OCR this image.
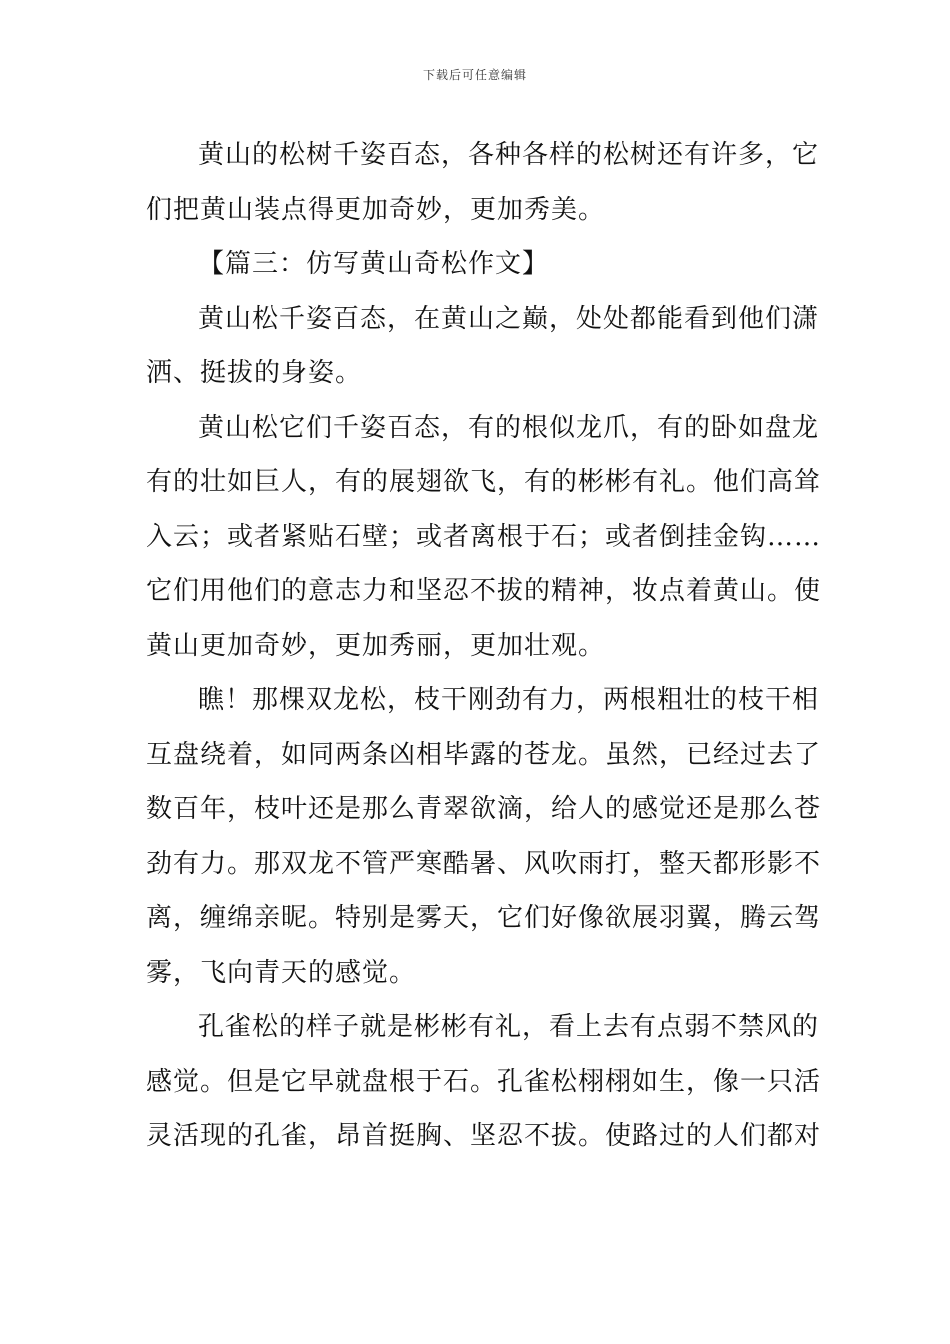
下载后可任意编辑
黄山的松树千姿百态，各种各样的松树还有许多，它
们把黄山装点得更加奇妙，更加秀美。
【篇三：仿写黄山奇松作文】
黄山松千姿百态，在黄山之巅，处处都能看到他们潇
洒、挺拔的身姿。
黄山松它们千姿百态，有的根似龙爪，有的卧如盘龙
有的壮如巨人，有的展翅欲飞，有的彬彬有礼。他们高耸
入云；或者紧贴石壁；或者离根于石；或者倒挂金钩……
它们用他们的意志力和坚忍不拔的精神，妆点着黄山。使
黄山更加奇妙，更加秀丽，更加壮观。
瞧！那棵双龙松，枝干刚劲有力，两根粗壮的枝干相
互盘绕着，如同两条凶相毕露的苍龙。虽然，已经过去了
数百年，枝叶还是那么青翠欲滴，给人的感觉还是那么苍
劲有力。那双龙不管严寒酷暑、风吹雨打，整天都形影不
离，缠绵亲昵。特别是雾天，它们好像欲展羽翼，腾云驾
雾，飞向青天的感觉。
孔雀松的样子就是彬彬有礼，看上去有点弱不禁风的
感觉。但是它早就盘根于石。孔雀松栩栩如生，像一只活
灵活现的孔雀，昂首挺胸、坚忍不拔。使路过的人们都对
